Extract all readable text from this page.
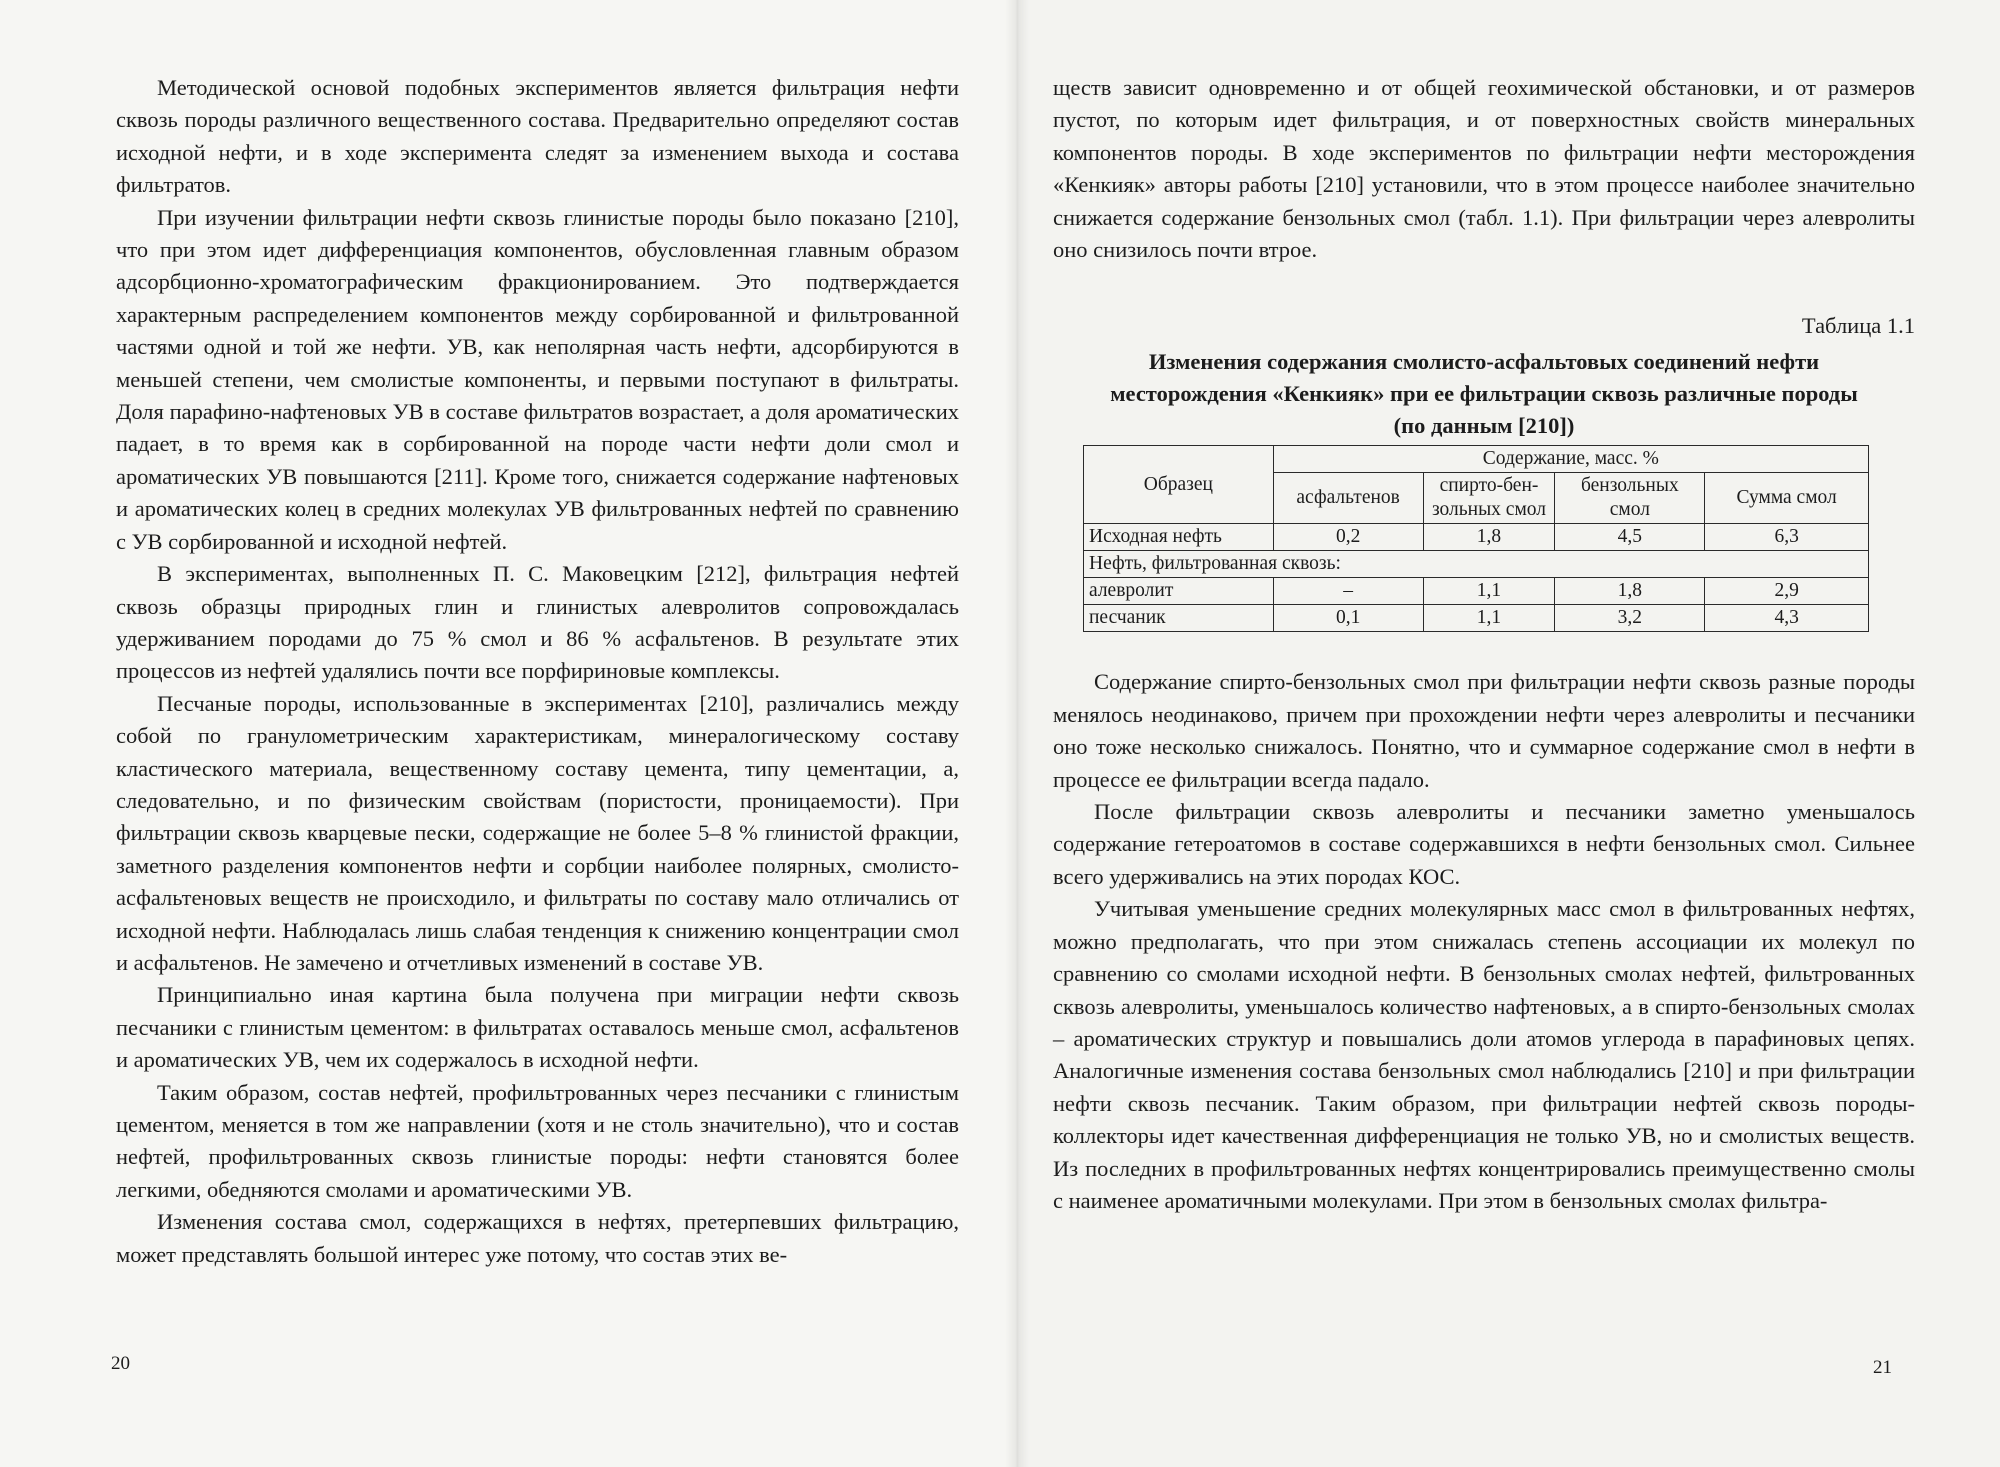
Методической основой подобных экспериментов является фильтрация нефти сквозь породы различного вещественного состава. Предварительно определяют состав исходной нефти, и в ходе эксперимента следят за изменением выхода и состава фильтратов.

При изучении фильтрации нефти сквозь глинистые породы было показано [210], что при этом идет дифференциация компонентов, обусловленная главным образом адсорбционно-хроматографическим фракционированием. Это подтверждается характерным распределением компонентов между сорбированной и фильтрованной частями одной и той же нефти. УВ, как неполярная часть нефти, адсорбируются в меньшей степени, чем смолистые компоненты, и первыми поступают в фильтраты. Доля парафино-нафтеновых УВ в составе фильтратов возрастает, а доля ароматических падает, в то время как в сорбированной на породе части нефти доли смол и ароматических УВ повышаются [211]. Кроме того, снижается содержание нафтеновых и ароматических колец в средних молекулах УВ фильтрованных нефтей по сравнению с УВ сорбированной и исходной нефтей.

В экспериментах, выполненных П. С. Маковецким [212], фильтрация нефтей сквозь образцы природных глин и глинистых алевролитов сопровождалась удерживанием породами до 75 % смол и 86 % асфальтенов. В результате этих процессов из нефтей удалялись почти все порфириновые комплексы.

Песчаные породы, использованные в экспериментах [210], различались между собой по гранулометрическим характеристикам, минералогическому составу кластического материала, вещественному составу цемента, типу цементации, а, следовательно, и по физическим свойствам (пористости, проницаемости). При фильтрации сквозь кварцевые пески, содержащие не более 5–8 % глинистой фракции, заметного разделения компонентов нефти и сорбции наиболее полярных, смолисто-асфальтеновых веществ не происходило, и фильтраты по составу мало отличались от исходной нефти. Наблюдалась лишь слабая тенденция к снижению концентрации смол и асфальтенов. Не замечено и отчетливых изменений в составе УВ.

Принципиально иная картина была получена при миграции нефти сквозь песчаники с глинистым цементом: в фильтратах оставалось меньше смол, асфальтенов и ароматических УВ, чем их содержалось в исходной нефти.

Таким образом, состав нефтей, профильтрованных через песчаники с глинистым цементом, меняется в том же направлении (хотя и не столь значительно), что и состав нефтей, профильтрованных сквозь глинистые породы: нефти становятся более легкими, обедняются смолами и ароматическими УВ.

Изменения состава смол, содержащихся в нефтях, претерпевших фильтрацию, может представлять большой интерес уже потому, что состав этих ве-

20

ществ зависит одновременно и от общей геохимической обстановки, и от размеров пустот, по которым идет фильтрация, и от поверхностных свойств минеральных компонентов породы. В ходе экспериментов по фильтрации нефти месторождения «Кенкияк» авторы работы [210] установили, что в этом процессе наиболее значительно снижается содержание бензольных смол (табл. 1.1). При фильтрации через алевролиты оно снизилось почти втрое.

Таблица 1.1
Изменения содержания смолисто-асфальтовых соединений нефти
месторождения «Кенкияк» при ее фильтрации сквозь различные породы
(по данным [210])
Образец	Содержание, масс. %			
	асфальтенов	спирто-бен-зольных смол	бензольных смол	Сумма смол
Исходная нефть	0,2	1,8	4,5	6,3
Нефть, фильтрованная сквозь:				
алевролит	–	1,1	1,8	2,9
песчаник	0,1	1,1	3,2	4,3

Содержание спирто-бензольных смол при фильтрации нефти сквозь разные породы менялось неодинаково, причем при прохождении нефти через алевролиты и песчаники оно тоже несколько снижалось. Понятно, что и суммарное содержание смол в нефти в процессе ее фильтрации всегда падало.

После фильтрации сквозь алевролиты и песчаники заметно уменьшалось содержание гетероатомов в составе содержавшихся в нефти бензольных смол. Сильнее всего удерживались на этих породах КОС.

Учитывая уменьшение средних молекулярных масс смол в фильтрованных нефтях, можно предполагать, что при этом снижалась степень ассоциации их молекул по сравнению со смолами исходной нефти. В бензольных смолах нефтей, фильтрованных сквозь алевролиты, уменьшалось количество нафтеновых, а в спирто-бензольных смолах – ароматических структур и повышались доли атомов углерода в парафиновых цепях. Аналогичные изменения состава бензольных смол наблюдались [210] и при фильтрации нефти сквозь песчаник. Таким образом, при фильтрации нефтей сквозь породы-коллекторы идет качественная дифференциация не только УВ, но и смолистых веществ. Из последних в профильтрованных нефтях концентрировались преимущественно смолы с наименее ароматичными молекулами. При этом в бензольных смолах фильтра-

21
